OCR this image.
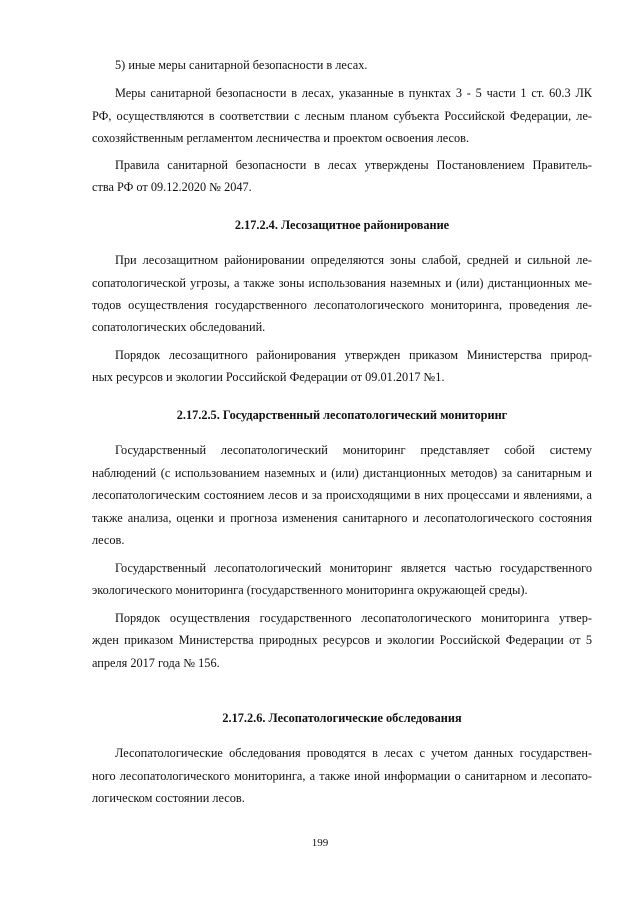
5) иные меры санитарной безопасности в лесах.
Меры санитарной безопасности в лесах, указанные в пунктах 3 - 5 части 1 ст. 60.3 ЛК
РФ, осуществляются в соответствии с лесным планом субъекта Российской Федерации, ле-
сохозяйственным регламентом лесничества и проектом освоения лесов.
Правила санитарной безопасности в лесах утверждены Постановлением Правитель-
ства РФ от 09.12.2020 № 2047.
2.17.2.4. Лесозащитное районирование
При лесозащитном районировании определяются зоны слабой, средней и сильной ле-
сопатологической угрозы, а также зоны использования наземных и (или) дистанционных ме-
тодов осуществления государственного лесопатологического мониторинга, проведения ле-
сопатологических обследований.
Порядок лесозащитного районирования утвержден приказом Министерства природ-
ных ресурсов и экологии Российской Федерации от 09.01.2017 №1.
2.17.2.5. Государственный лесопатологический мониторинг
Государственный лесопатологический мониторинг представляет собой систему
наблюдений (с использованием наземных и (или) дистанционных методов) за санитарным и
лесопатологическим состоянием лесов и за происходящими в них процессами и явлениями, а
также анализа, оценки и прогноза изменения санитарного и лесопатологического состояния
лесов.
Государственный лесопатологический мониторинг является частью государственного
экологического мониторинга (государственного мониторинга окружающей среды).
Порядок осуществления государственного лесопатологического мониторинга утвер-
жден приказом Министерства природных ресурсов и экологии Российской Федерации от 5
апреля 2017 года № 156.
2.17.2.6. Лесопатологические обследования
Лесопатологические обследования проводятся в лесах с учетом данных государствен-
ного лесопатологического мониторинга, а также иной информации о санитарном и лесопато-
логическом состоянии лесов.
199
